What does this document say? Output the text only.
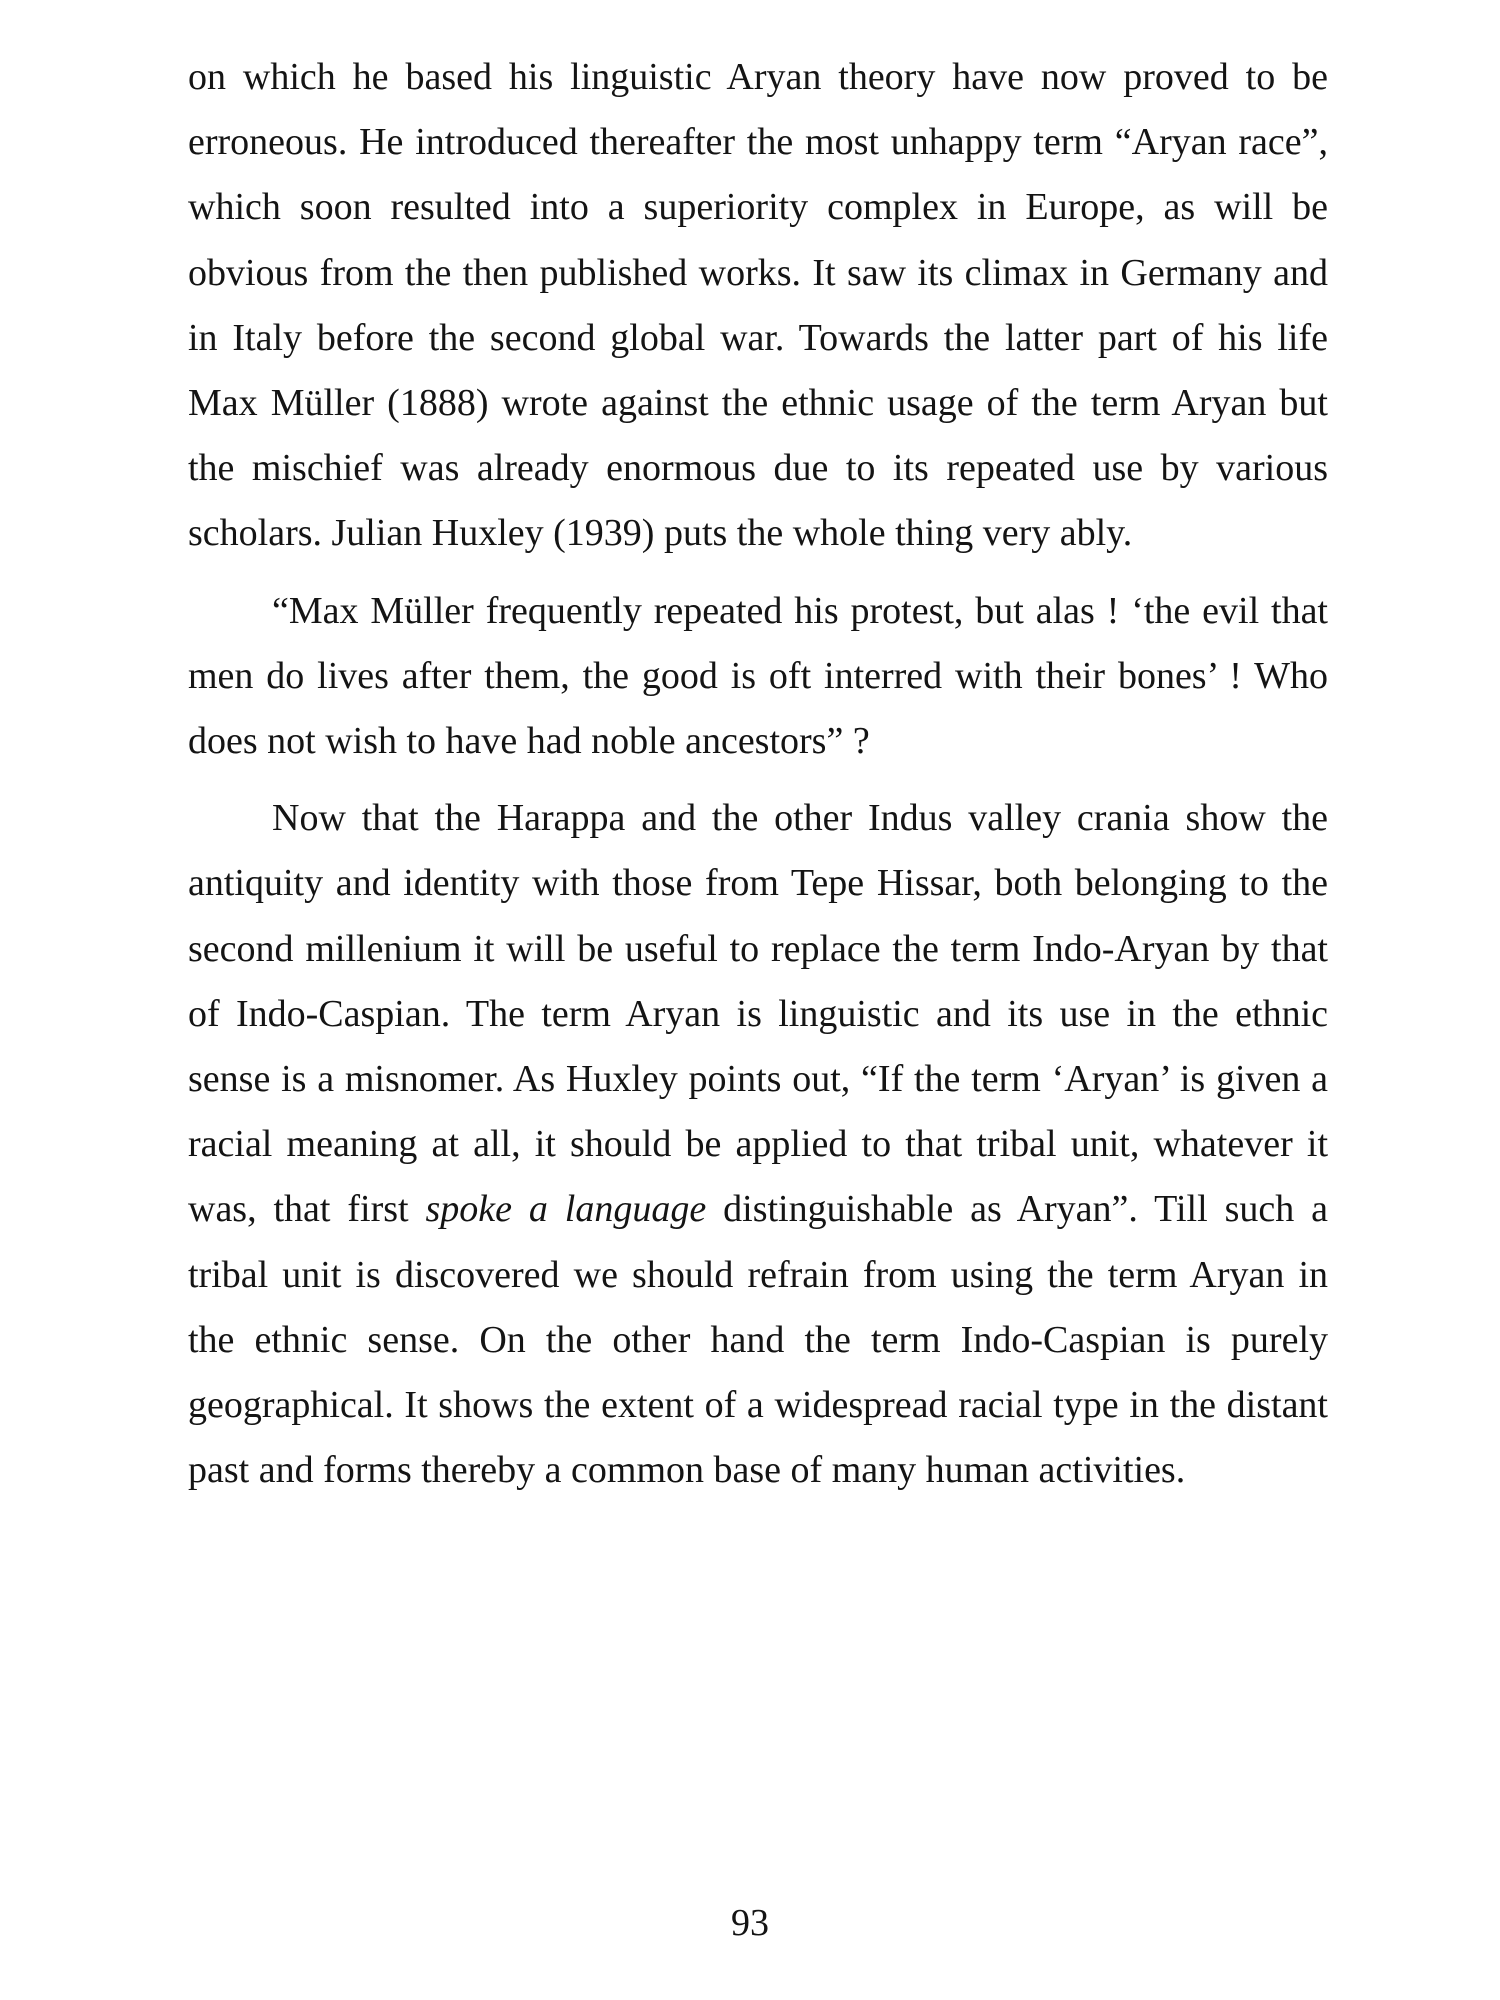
on which he based his linguistic Aryan theory have now proved to be erroneous. He introduced thereafter the most unhappy term “Aryan race”, which soon resulted into a superiority complex in Europe, as will be obvious from the then published works. It saw its climax in Germany and in Italy before the second global war. Towards the latter part of his life Max Müller (1888) wrote against the ethnic usage of the term Aryan but the mischief was already enormous due to its repeated use by various scholars. Julian Huxley (1939) puts the whole thing very ably.

“Max Müller frequently repeated his protest, but alas ! ‘the evil that men do lives after them, the good is oft interred with their bones’ ! Who does not wish to have had noble ancestors” ?

Now that the Harappa and the other Indus valley crania show the antiquity and identity with those from Tepe Hissar, both belonging to the second millenium it will be useful to replace the term Indo-Aryan by that of Indo-Caspian. The term Aryan is linguistic and its use in the ethnic sense is a misnomer. As Huxley points out, “If the term ‘Aryan’ is given a racial meaning at all, it should be applied to that tribal unit, whatever it was, that first spoke a language distinguishable as Aryan”. Till such a tribal unit is discovered we should refrain from using the term Aryan in the ethnic sense. On the other hand the term Indo-Caspian is purely geographical. It shows the extent of a widespread racial type in the distant past and forms thereby a common base of many human activities.

93
